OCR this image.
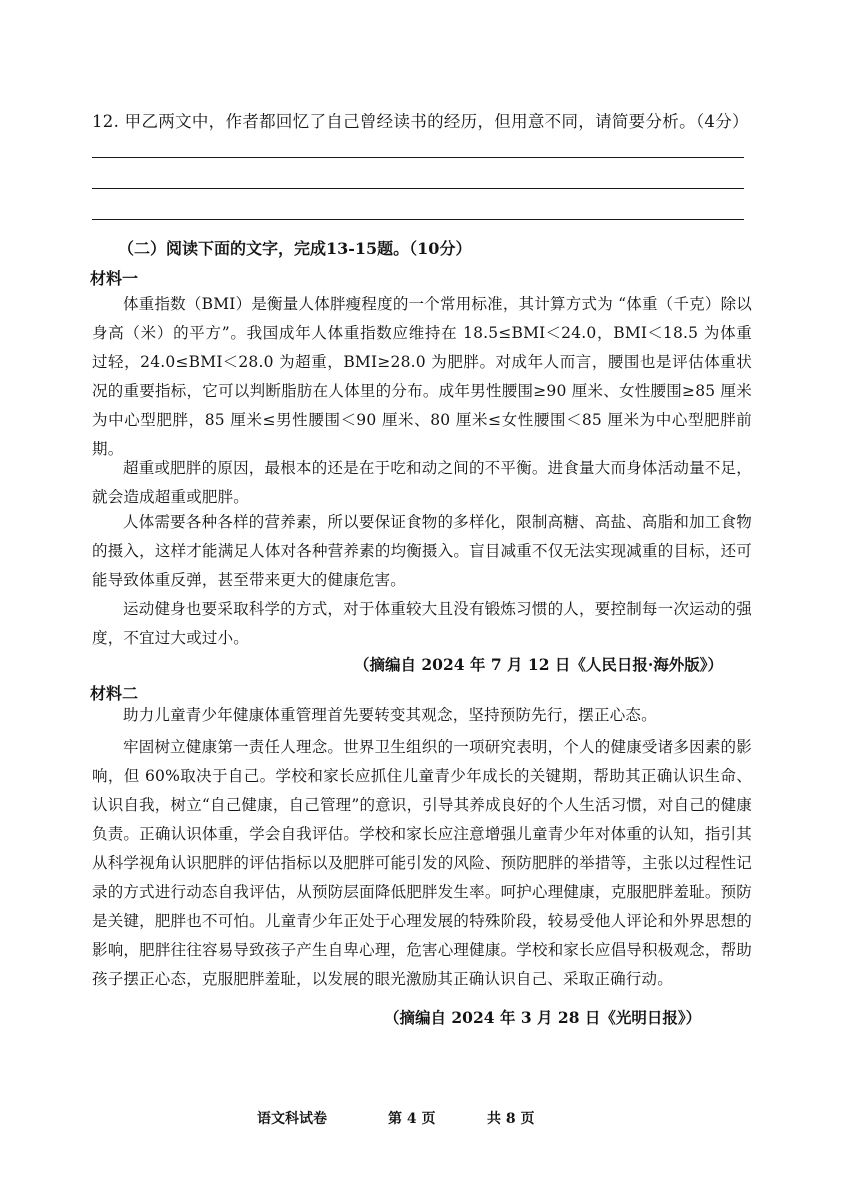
12. 甲乙两文中，作者都回忆了自己曾经读书的经历，但用意不同，请简要分析。（4分）
（二）阅读下面的文字，完成13-15题。（10分）
材料一
体重指数（BMI）是衡量人体胖瘦程度的一个常用标准，其计算方式为 “体重（千克）除以身高（米）的平方”。我国成年人体重指数应维持在 18.5≤BMI＜24.0，BMI＜18.5 为体重过轻，24.0≤BMI＜28.0 为超重，BMI≥28.0 为肥胖。对成年人而言，腰围也是评估体重状况的重要指标，它可以判断脂肪在人体里的分布。成年男性腰围≥90 厘米、女性腰围≥85 厘米为中心型肥胖，85 厘米≤男性腰围＜90 厘米、80 厘米≤女性腰围＜85 厘米为中心型肥胖前期。
超重或肥胖的原因，最根本的还是在于吃和动之间的不平衡。进食量大而身体活动量不足，就会造成超重或肥胖。
人体需要各种各样的营养素，所以要保证食物的多样化，限制高糖、高盐、高脂和加工食物的摄入，这样才能满足人体对各种营养素的均衡摄入。盲目减重不仅无法实现减重的目标，还可能导致体重反弹，甚至带来更大的健康危害。
运动健身也要采取科学的方式，对于体重较大且没有锻炼习惯的人，要控制每一次运动的强度，不宜过大或过小。
（摘编自 2024 年 7 月 12 日《人民日报·海外版》）
材料二
助力儿童青少年健康体重管理首先要转变其观念，坚持预防先行，摆正心态。
牢固树立健康第一责任人理念。世界卫生组织的一项研究表明，个人的健康受诸多因素的影响，但 60%取决于自己。学校和家长应抓住儿童青少年成长的关键期，帮助其正确认识生命、认识自我，树立“自己健康，自己管理”的意识，引导其养成良好的个人生活习惯，对自己的健康负责。正确认识体重，学会自我评估。学校和家长应注意增强儿童青少年对体重的认知，指引其从科学视角认识肥胖的评估指标以及肥胖可能引发的风险、预防肥胖的举措等，主张以过程性记录的方式进行动态自我评估，从预防层面降低肥胖发生率。呵护心理健康，克服肥胖羞耻。预防是关键，肥胖也不可怕。儿童青少年正处于心理发展的特殊阶段，较易受他人评论和外界思想的影响，肥胖往往容易导致孩子产生自卑心理，危害心理健康。学校和家长应倡导积极观念，帮助孩子摆正心态，克服肥胖羞耻，以发展的眼光激励其正确认识自己、采取正确行动。
（摘编自 2024 年 3 月 28 日《光明日报》）
语文科试卷	第 4 页	共 8 页
